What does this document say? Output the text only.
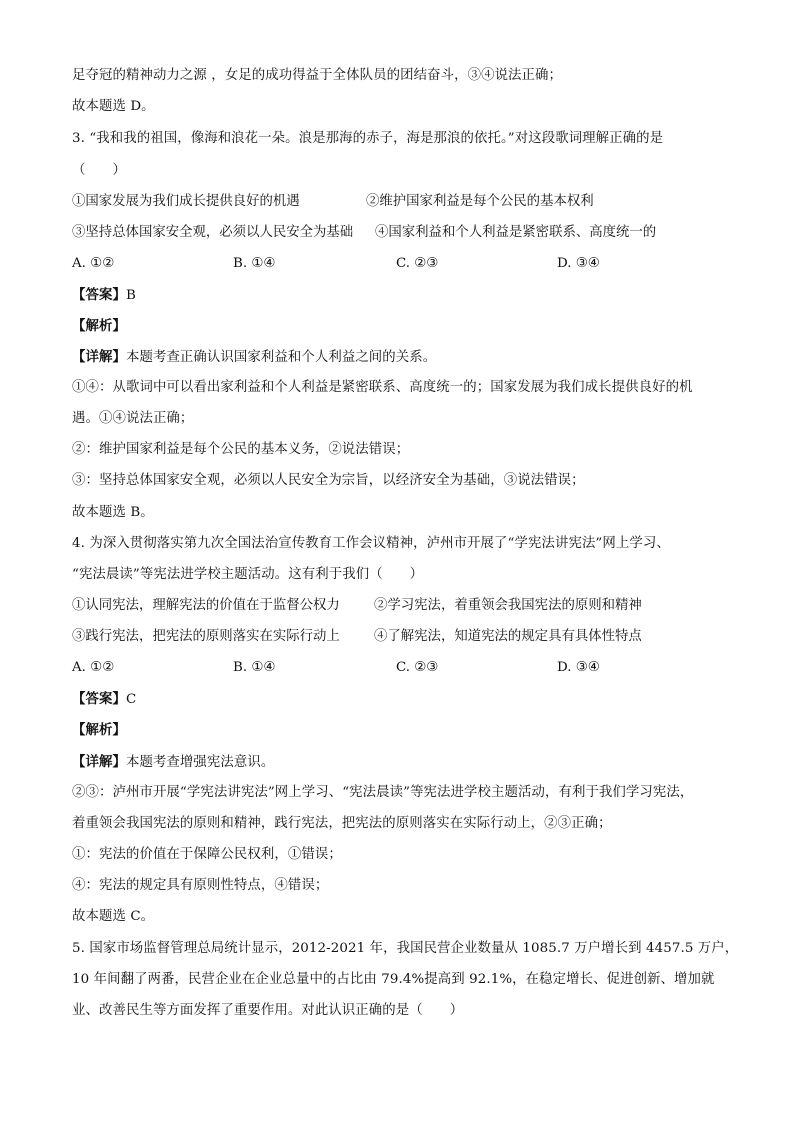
足夺冠的精神动力之源 ，女足的成功得益于全体队员的团结奋斗，③④说法正确；
故本题选 D。
3. “我和我的祖国，像海和浪花一朵。浪是那海的赤子，海是那浪的依托。”对这段歌词理解正确的是
（　　）
①国家发展为我们成长提供良好的机遇	②维护国家利益是每个公民的基本权利
③坚持总体国家安全观，必须以人民安全为基础 ④国家利益和个人利益是紧密联系、高度统一的
A. ①②	B. ①④	C. ②③	D. ③④
【答案】B
【解析】
【详解】本题考查正确认识国家利益和个人利益之间的关系。
①④：从歌词中可以看出家利益和个人利益是紧密联系、高度统一的；国家发展为我们成长提供良好的机
遇。①④说法正确；
②：维护国家利益是每个公民的基本义务，②说法错误；
③：坚持总体国家安全观，必须以人民安全为宗旨，以经济安全为基础，③说法错误；
故本题选 B。
4. 为深入贯彻落实第九次全国法治宣传教育工作会议精神，泸州市开展了“学宪法讲宪法”网上学习、
“宪法晨读”等宪法进学校主题活动。这有利于我们（　　）
①认同宪法，理解宪法的价值在于监督公权力	②学习宪法，着重领会我国宪法的原则和精神
③践行宪法，把宪法的原则落实在实际行动上	④了解宪法，知道宪法的规定具有具体性特点
A. ①②	B. ①④	C. ②③	D. ③④
【答案】C
【解析】
【详解】本题考查增强宪法意识。
②③：泸州市开展“学宪法讲宪法”网上学习、“宪法晨读”等宪法进学校主题活动，有利于我们学习宪法，
着重领会我国宪法的原则和精神，践行宪法，把宪法的原则落实在实际行动上，②③正确；
①：宪法的价值在于保障公民权利，①错误；
④：宪法的规定具有原则性特点，④错误；
故本题选 C。
5. 国家市场监督管理总局统计显示，2012-2021 年，我国民营企业数量从 1085.7 万户增长到 4457.5 万户，
10 年间翻了两番，民营企业在企业总量中的占比由 79.4%提高到 92.1%，在稳定增长、促进创新、增加就
业、改善民生等方面发挥了重要作用。对此认识正确的是（　　）
